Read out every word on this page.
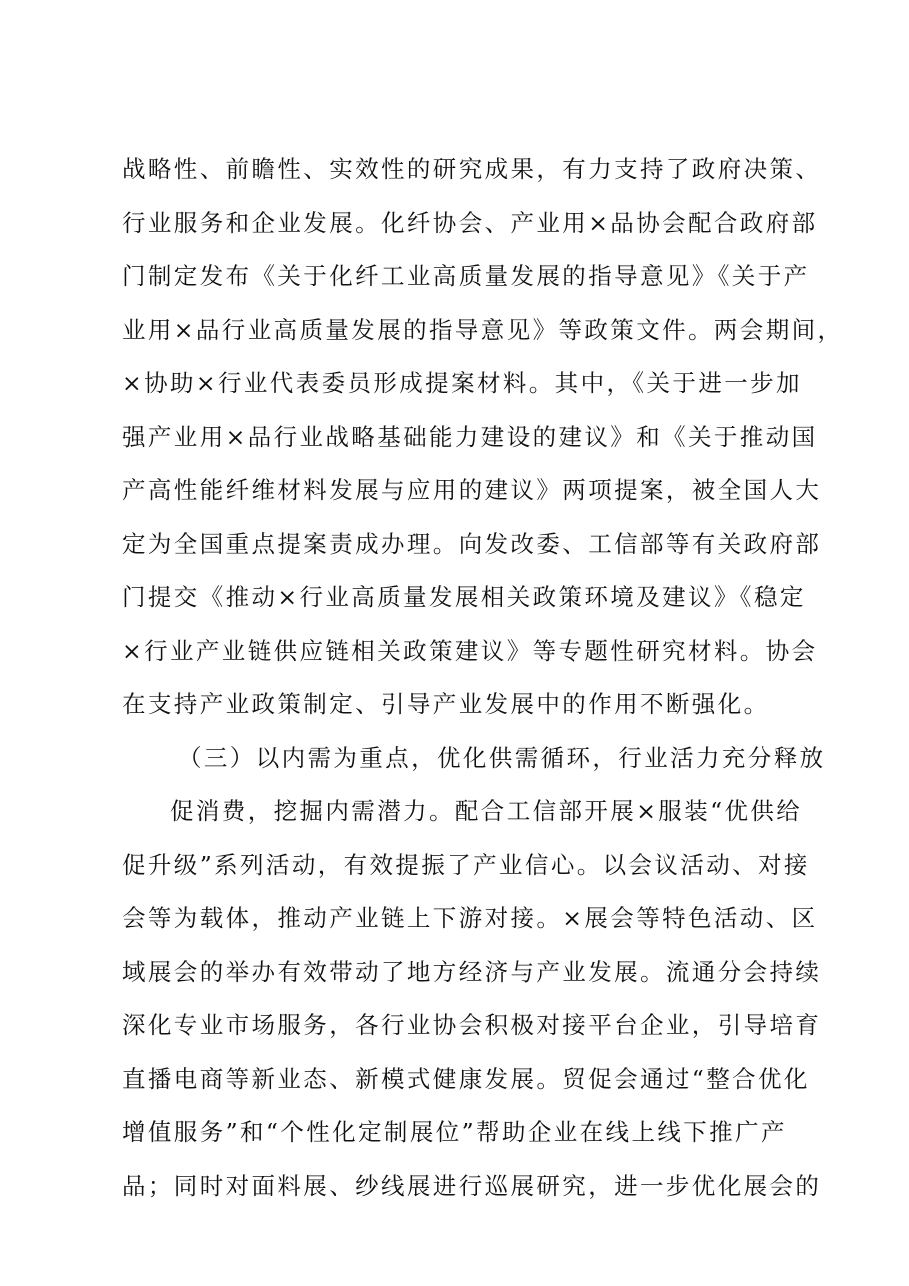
战略性、前瞻性、实效性的研究成果，有力支持了政府决策、
行业服务和企业发展。化纤协会、产业用×品协会配合政府部
门制定发布《关于化纤工业高质量发展的指导意见》《关于产
业用×品行业高质量发展的指导意见》等政策文件。两会期间，
×协助×行业代表委员形成提案材料。其中，《关于进一步加
强产业用×品行业战略基础能力建设的建议》和《关于推动国
产高性能纤维材料发展与应用的建议》两项提案，被全国人大
定为全国重点提案责成办理。向发改委、工信部等有关政府部
门提交《推动×行业高质量发展相关政策环境及建议》《稳定
×行业产业链供应链相关政策建议》等专题性研究材料。协会
在支持产业政策制定、引导产业发展中的作用不断强化。
（三）以内需为重点，优化供需循环，行业活力充分释放
促消费，挖掘内需潜力。配合工信部开展×服装“优供给
促升级”系列活动，有效提振了产业信心。以会议活动、对接
会等为载体，推动产业链上下游对接。×展会等特色活动、区
域展会的举办有效带动了地方经济与产业发展。流通分会持续
深化专业市场服务，各行业协会积极对接平台企业，引导培育
直播电商等新业态、新模式健康发展。贸促会通过“整合优化
增值服务”和“个性化定制展位”帮助企业在线上线下推广产
品；同时对面料展、纱线展进行巡展研究，进一步优化展会的
